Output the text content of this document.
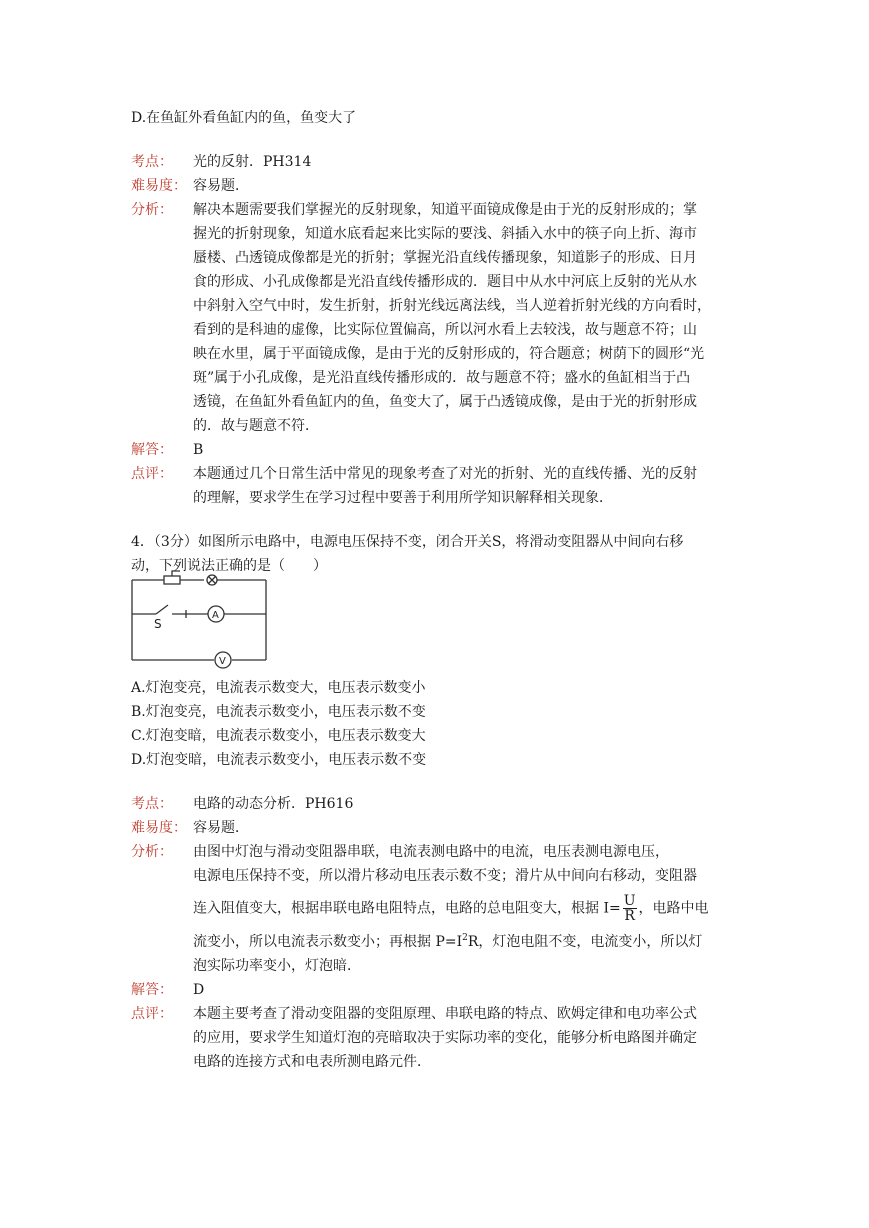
D.在鱼缸外看鱼缸内的鱼，鱼变大了
考点： 光的反射．PH314
难易度： 容易题．
分析： 解决本题需要我们掌握光的反射现象，知道平面镜成像是由于光的反射形成的；掌
握光的折射现象，知道水底看起来比实际的要浅、斜插入水中的筷子向上折、海市
蜃楼、凸透镜成像都是光的折射；掌握光沿直线传播现象，知道影子的形成、日月
食的形成、小孔成像都是光沿直线传播形成的．题目中从水中河底上反射的光从水
中斜射入空气中时，发生折射，折射光线远离法线，当人逆着折射光线的方向看时，
看到的是科迪的虚像，比实际位置偏高，所以河水看上去较浅，故与题意不符；山
映在水里，属于平面镜成像，是由于光的反射形成的，符合题意；树荫下的圆形“光
斑”属于小孔成像，是光沿直线传播形成的．故与题意不符；盛水的鱼缸相当于凸
透镜，在鱼缸外看鱼缸内的鱼，鱼变大了，属于凸透镜成像，是由于光的折射形成
的．故与题意不符．
解答： B
点评： 本题通过几个日常生活中常见的现象考查了对光的折射、光的直线传播、光的反射
的理解，要求学生在学习过程中要善于利用所学知识解释相关现象．
4．（3分）如图所示电路中，电源电压保持不变，闭合开关S，将滑动变阻器从中间向右移
动，下列说法正确的是（　　）
S
A
V
A.灯泡变亮，电流表示数变大，电压表示数变小
B.灯泡变亮，电流表示数变小，电压表示数不变
C.灯泡变暗，电流表示数变小，电压表示数变大
D.灯泡变暗，电流表示数变小，电压表示数不变
考点： 电路的动态分析．PH616
难易度： 容易题．
分析： 由图中灯泡与滑动变阻器串联，电流表测电路中的电流，电压表测电源电压，
电源电压保持不变，所以滑片移动电压表示数不变；滑片从中间向右移动，变阻器
连入阻值变大，根据串联电路电阻特点，电路的总电阻变大，根据 $I= \frac{U}{R}$ ，电路中电
流变小，所以电流表示数变小；再根据 $P=I^2R$，灯泡电阻不变，电流变小，所以灯
泡实际功率变小，灯泡暗．
解答： D
点评： 本题主要考查了滑动变阻器的变阻原理、串联电路的特点、欧姆定律和电功率公式
的应用，要求学生知道灯泡的亮暗取决于实际功率的变化，能够分析电路图并确定
电路的连接方式和电表所测电路元件．
